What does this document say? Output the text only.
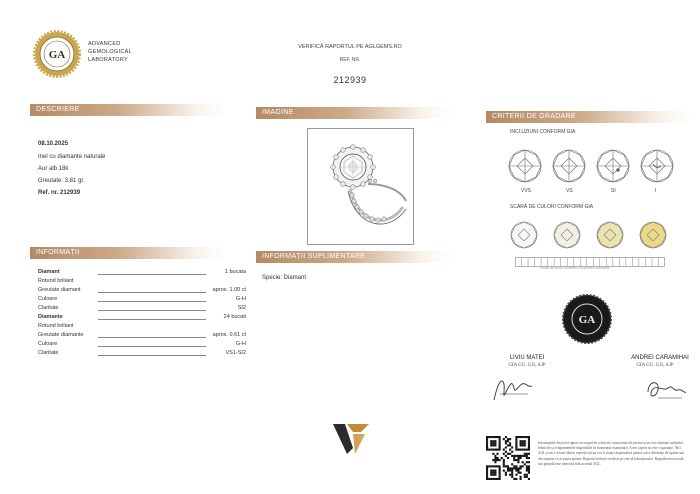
GA
ADVANCED
GEMOLOGICAL
LABORATORY
VERIFICĂ RAPORTUL PE AGLGEMS.RO
REF. NR.
212939
DESCRIERE
08.10.2025
Inel cu diamante naturale
Aur alb 18k
Greutate: 3.81 gr.
Ref. nr. 212939
IMAGINE
CRITERII DE GRADARE
INCLUZIUNI CONFORM GIA
VVS	VS	SI	I
SCARĂ DE CULORI CONFORM GIA
Scala de culori conform GIA pentru diamante
INFORMAȚII
Diamant	1 bucata
Rotund briliant
Greutate diamant	aprox. 1.00 ct
Culoare	G-H
Claritate	SI2
Diamante	24 bucati
Rotund briliant
Greutate diamante	aprox. 0.61 ct
Culoare	G-H
Claritate	VS1-SI2
INFORMAȚII SUPLIMENTARE
Specie: Diamant
GA
LIVIU MATEI
GIA GG, GD, AJP
ANDREI CARAMIHAI
GIA GG, GD, AJP
Informațiile din acest raport au scopul de a descrie caracteristicile pietrei și au fost obținute utilizând tehnicile și echipamentele disponibile în momentul examinării. Acest raport nu este o garanție. Nici AGL și nici oricare dintre experții săi nu vor fi ținuți răspunzători pentru orice diferențe de opinie sau discrepanțe ce ar putea apărea. Raportul trebuie verificat pe site-ul laboratorului. Reproducerea totală sau parțială este interzisă fără acordul AGL.
